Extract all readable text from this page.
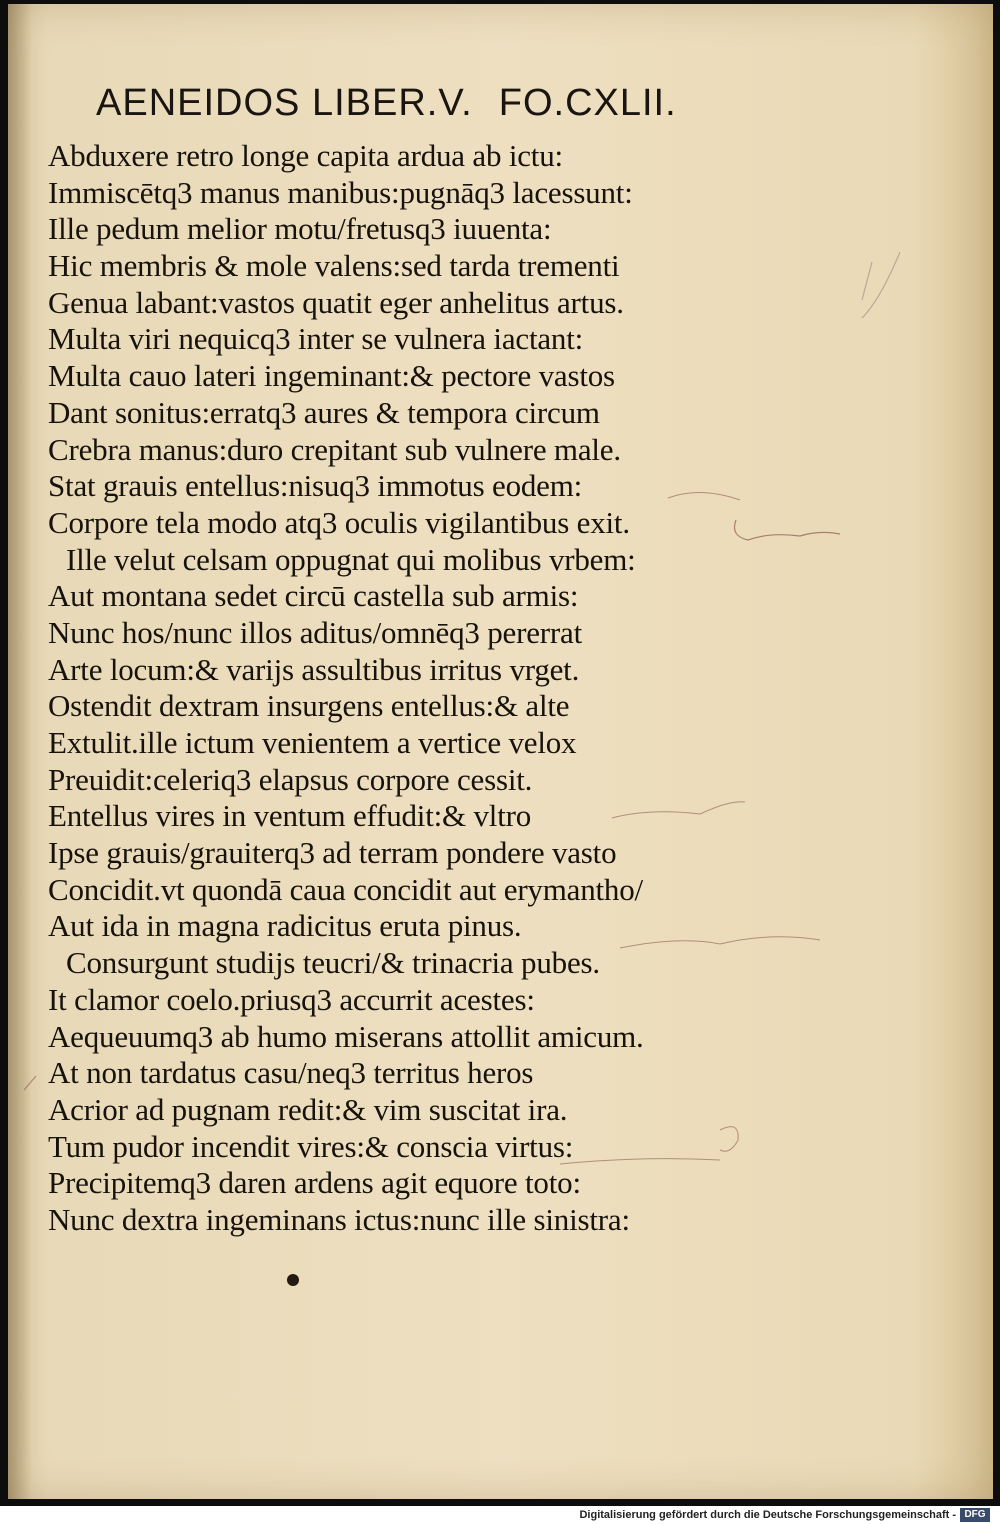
AENEIDOS LIBER.V. FO.CXLII.
Abduxere retro longe capita ardua ab ictu:
Immiscētq3 manus manibus:pugnāq3 lacessunt:
Ille pedum melior motu/fretusq3 iuuenta:
Hic membris & mole valens:sed tarda trementi
Genua labant:vastos quatit eger anhelitus artus.
Multa viri nequicq3 inter se vulnera iactant:
Multa cauo lateri ingeminant:& pectore vastos
Dant sonitus:erratq3 aures & tempora circum
Crebra manus:duro crepitant sub vulnere male.
Stat grauis entellus:nisuq3 immotus eodem:
Corpore tela modo atq3 oculis vigilantibus exit.
Ille velut celsam oppugnat qui molibus vrbem:
Aut montana sedet circū castella sub armis:
Nunc hos/nunc illos aditus/omnēq3 pererrat
Arte locum:& varijs assultibus irritus vrget.
Ostendit dextram insurgens entellus:& alte
Extulit.ille ictum venientem a vertice velox
Preuidit:celeriq3 elapsus corpore cessit.
Entellus vires in ventum effudit:& vltro
Ipse grauis/grauiterq3 ad terram pondere vasto
Concidit.vt quondā caua concidit aut erymantho/
Aut ida in magna radicitus eruta pinus.
Consurgunt studijs teucri/& trinacria pubes.
It clamor coelo.priusq3 accurrit acestes:
Aequeuumq3 ab humo miserans attollit amicum.
At non tardatus casu/neq3 territus heros
Acrior ad pugnam redit:& vim suscitat ira.
Tum pudor incendit vires:& conscia virtus:
Precipitemq3 daren ardens agit equore toto:
Nunc dextra ingeminans ictus:nunc ille sinistra:
Digitalisierung gefördert durch die Deutsche Forschungsgemeinschaft - DFG
